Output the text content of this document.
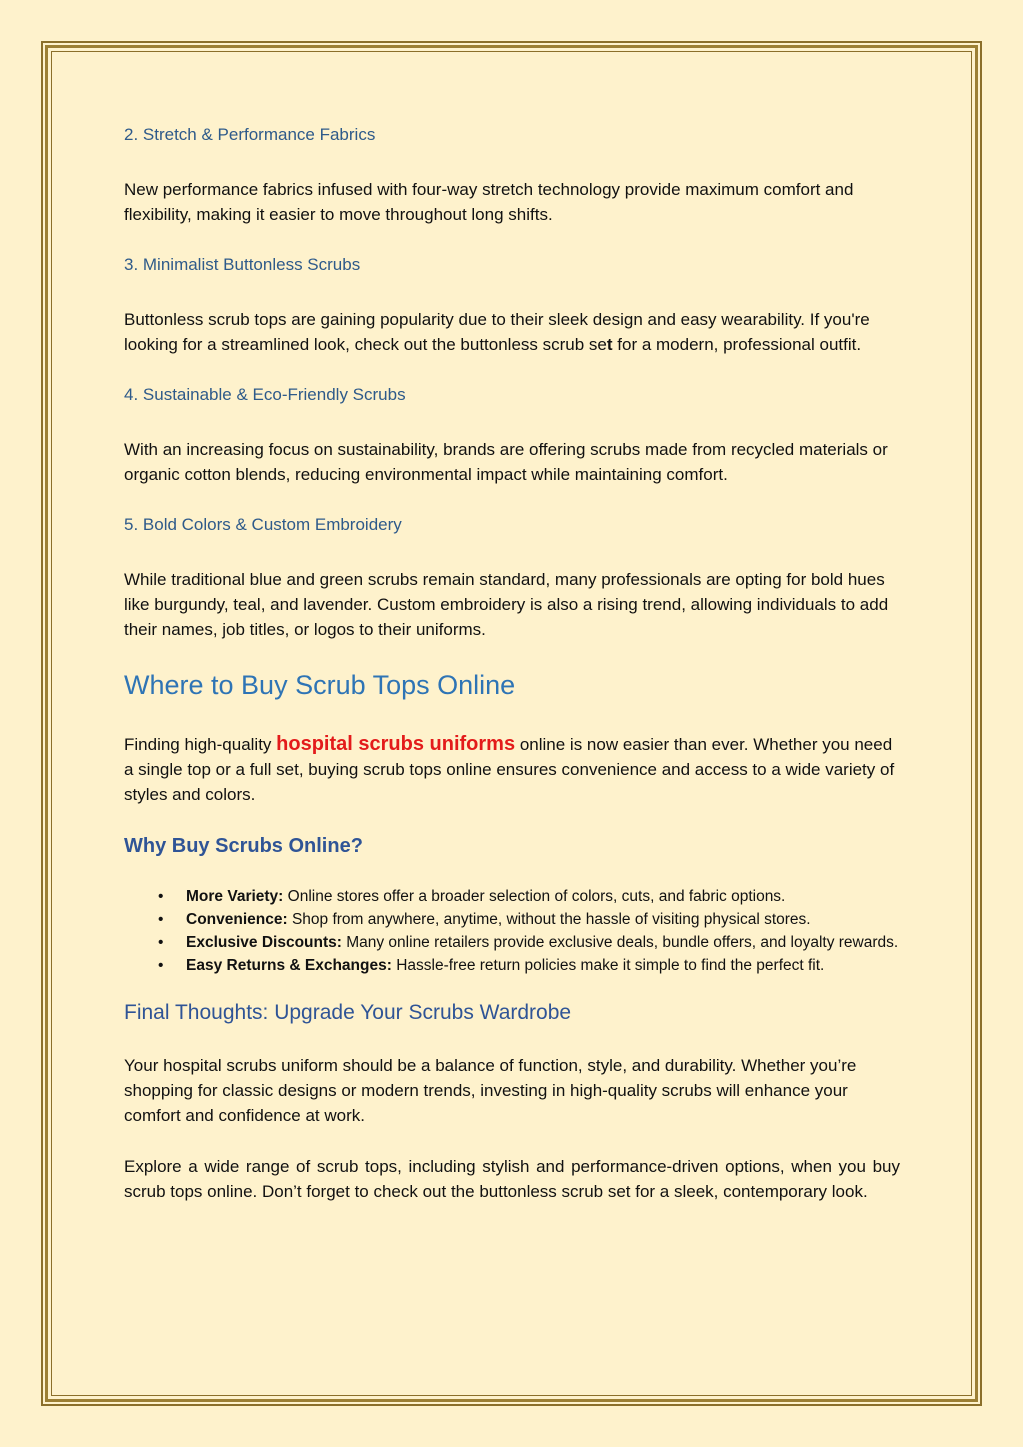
2. Stretch & Performance Fabrics

New performance fabrics infused with four-way stretch technology provide maximum comfort and flexibility, making it easier to move throughout long shifts.

3. Minimalist Buttonless Scrubs

Buttonless scrub tops are gaining popularity due to their sleek design and easy wearability. If you're looking for a streamlined look, check out the buttonless scrub set for a modern, professional outfit.

4. Sustainable & Eco-Friendly Scrubs

With an increasing focus on sustainability, brands are offering scrubs made from recycled materials or organic cotton blends, reducing environmental impact while maintaining comfort.

5. Bold Colors & Custom Embroidery

While traditional blue and green scrubs remain standard, many professionals are opting for bold hues like burgundy, teal, and lavender. Custom embroidery is also a rising trend, allowing individuals to add their names, job titles, or logos to their uniforms.

Where to Buy Scrub Tops Online

Finding high-quality hospital scrubs uniforms online is now easier than ever. Whether you need a single top or a full set, buying scrub tops online ensures convenience and access to a wide variety of styles and colors.

Why Buy Scrubs Online?
• More Variety: Online stores offer a broader selection of colors, cuts, and fabric options.
• Convenience: Shop from anywhere, anytime, without the hassle of visiting physical stores.
• Exclusive Discounts: Many online retailers provide exclusive deals, bundle offers, and loyalty rewards.
• Easy Returns & Exchanges: Hassle-free return policies make it simple to find the perfect fit.
Final Thoughts: Upgrade Your Scrubs Wardrobe

Your hospital scrubs uniform should be a balance of function, style, and durability. Whether you’re shopping for classic designs or modern trends, investing in high-quality scrubs will enhance your comfort and confidence at work.

Explore a wide range of scrub tops, including stylish and performance-driven options, when you buy scrub tops online. Don’t forget to check out the buttonless scrub set for a sleek, contemporary look.
